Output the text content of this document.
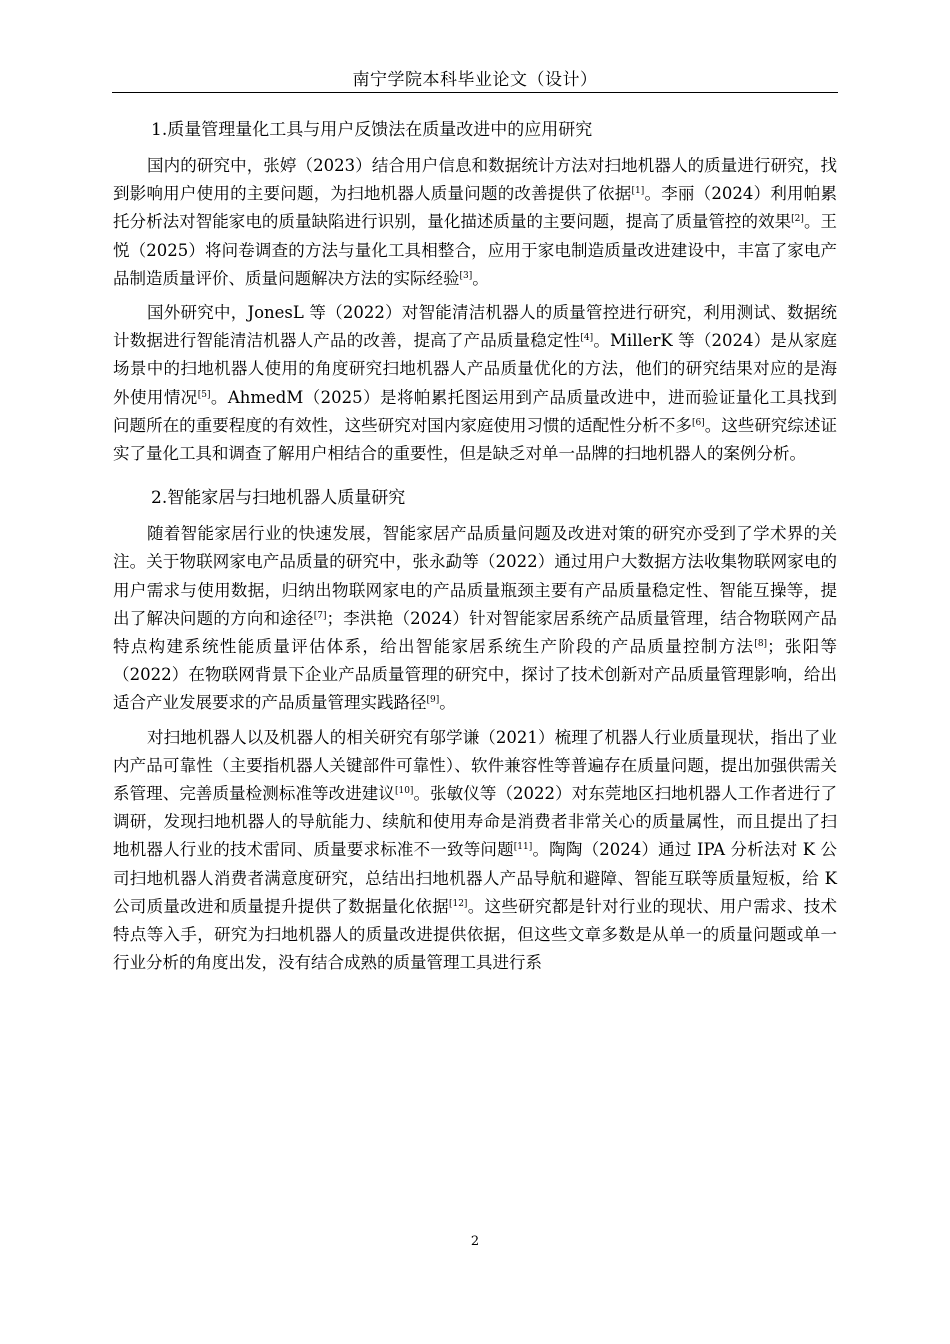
南宁学院本科毕业论文（设计）
1.质量管理量化工具与用户反馈法在质量改进中的应用研究

国内的研究中，张婷（2023）结合用户信息和数据统计方法对扫地机器人的质量进行研究，找到影响用户使用的主要问题，为扫地机器人质量问题的改善提供了依据[1]。李丽（2024）利用帕累托分析法对智能家电的质量缺陷进行识别，量化描述质量的主要问题，提高了质量管控的效果[2]。王悦（2025）将问卷调查的方法与量化工具相整合，应用于家电制造质量改进建设中，丰富了家电产品制造质量评价、质量问题解决方法的实际经验[3]。

国外研究中，JonesL 等（2022）对智能清洁机器人的质量管控进行研究，利用测试、数据统计数据进行智能清洁机器人产品的改善，提高了产品质量稳定性[4]。MillerK 等（2024）是从家庭场景中的扫地机器人使用的角度研究扫地机器人产品质量优化的方法，他们的研究结果对应的是海外使用情况[5]。AhmedM（2025）是将帕累托图运用到产品质量改进中，进而验证量化工具找到问题所在的重要程度的有效性，这些研究对国内家庭使用习惯的适配性分析不多[6]。这些研究综述证实了量化工具和调查了解用户相结合的重要性，但是缺乏对单一品牌的扫地机器人的案例分析。

2.智能家居与扫地机器人质量研究

随着智能家居行业的快速发展，智能家居产品质量问题及改进对策的研究亦受到了学术界的关注。关于物联网家电产品质量的研究中，张永勐等（2022）通过用户大数据方法收集物联网家电的用户需求与使用数据，归纳出物联网家电的产品质量瓶颈主要有产品质量稳定性、智能互操等，提出了解决问题的方向和途径[7]；李洪艳（2024）针对智能家居系统产品质量管理，结合物联网产品特点构建系统性能质量评估体系，给出智能家居系统生产阶段的产品质量控制方法[8]；张阳等（2022）在物联网背景下企业产品质量管理的研究中，探讨了技术创新对产品质量管理影响，给出适合产业发展要求的产品质量管理实践路径[9]。

对扫地机器人以及机器人的相关研究有邬学谦（2021）梳理了机器人行业质量现状，指出了业内产品可靠性（主要指机器人关键部件可靠性）、软件兼容性等普遍存在质量问题，提出加强供需关系管理、完善质量检测标准等改进建议[10]。张敏仪等（2022）对东莞地区扫地机器人工作者进行了调研，发现扫地机器人的导航能力、续航和使用寿命是消费者非常关心的质量属性，而且提出了扫地机器人行业的技术雷同、质量要求标准不一致等问题[11]。陶陶（2024）通过 IPA 分析法对 K 公司扫地机器人消费者满意度研究，总结出扫地机器人产品导航和避障、智能互联等质量短板，给 K 公司质量改进和质量提升提供了数据量化依据[12]。这些研究都是针对行业的现状、用户需求、技术特点等入手，研究为扫地机器人的质量改进提供依据，但这些文章多数是从单一的质量问题或单一行业分析的角度出发，没有结合成熟的质量管理工具进行系

2
